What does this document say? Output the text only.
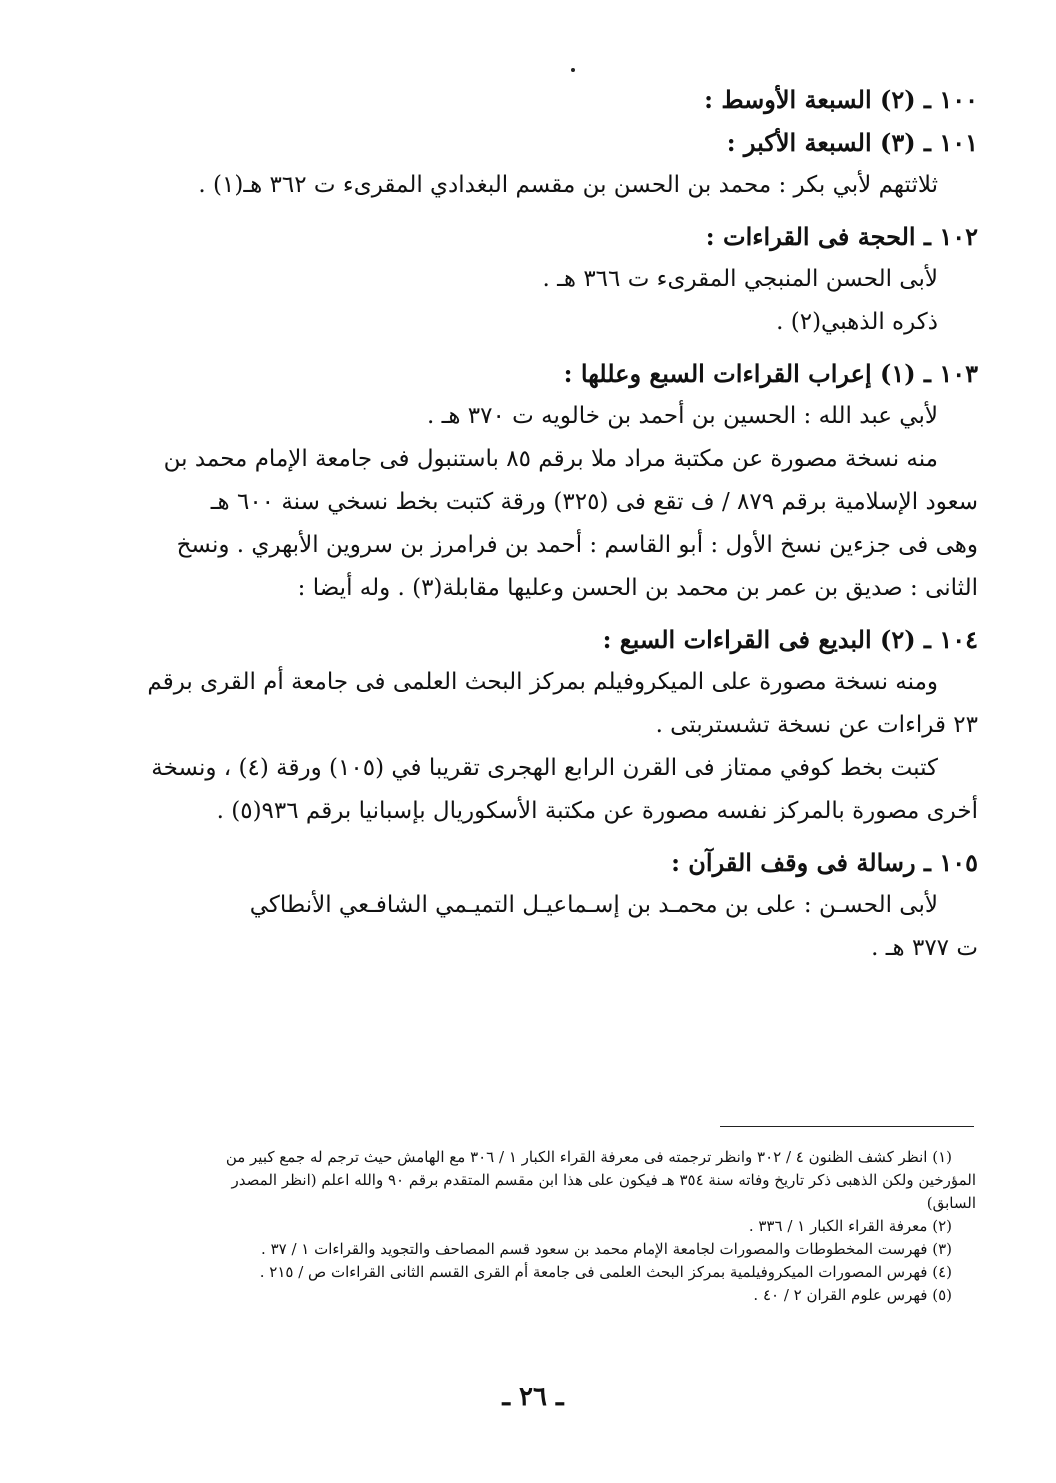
١٠٠ ـ (٢) السبعة الأوسط :
١٠١ ـ (٣) السبعة الأكبر :
ثلاثتهم لأبي بكر : محمد بن الحسن بن مقسم البغدادي المقرىء ت ٣٦٢ هـ(١) .
١٠٢ ـ الحجة فى القراءات :
لأبى الحسن المنبجي المقرىء ت ٣٦٦ هـ .
ذكره الذهبي(٢) .
١٠٣ ـ (١) إعراب القراءات السبع وعللها :
لأبي عبد الله : الحسين بن أحمد بن خالويه ت ٣٧٠ هـ .
منه نسخة مصورة عن مكتبة مراد ملا برقم ٨٥ باستنبول فى جامعة الإمام محمد بن
سعود الإسلامية برقم ٨٧٩ / ف تقع فى (٣٢٥) ورقة كتبت بخط نسخي سنة ٦٠٠ هـ
وهى فى جزءين نسخ الأول : أبو القاسم : أحمد بن فرامرز بن سروين الأبهري . ونسخ
الثانى : صديق بن عمر بن محمد بن الحسن وعليها مقابلة(٣) . وله أيضا :
١٠٤ ـ (٢) البديع فى القراءات السبع :
ومنه نسخة مصورة على الميكروفيلم بمركز البحث العلمى فى جامعة أم القرى برقم
٢٣ قراءات عن نسخة تشستربتى .
كتبت بخط كوفي ممتاز فى القرن الرابع الهجرى تقريبا في (١٠٥) ورقة (٤) ، ونسخة
أخرى مصورة بالمركز نفسه مصورة عن مكتبة الأسكوريال بإسبانيا برقم ٩٣٦(٥) .
١٠٥ ـ رسالة فى وقف القرآن :
لأبى الحسـن : على بن محمـد بن إسـماعيـل التميـمي الشافـعي الأنطاكي
ت ٣٧٧ هـ .
(١) انظر كشف الظنون ٤ / ٣٠٢ وانظر ترجمته فى معرفة القراء الكبار ١ / ٣٠٦ مع الهامش حيث ترجم له جمع كبير من
المؤرخين ولكن الذهبى ذكر تاريخ وفاته سنة ٣٥٤ هـ فيكون على هذا ابن مقسم المتقدم برقم ٩٠ والله اعلم (انظر المصدر
السابق)
(٢) معرفة القراء الكبار ١ / ٣٣٦ .
(٣) فهرست المخطوطات والمصورات لجامعة الإمام محمد بن سعود قسم المصاحف والتجويد والقراءات ١ / ٣٧ .
(٤) فهرس المصورات الميكروفيلمية بمركز البحث العلمى فى جامعة أم القرى القسم الثانى القراءات ص / ٢١٥ .
(٥) فهرس علوم القران ٢ / ٤٠ .
ـ ٢٦ ـ
